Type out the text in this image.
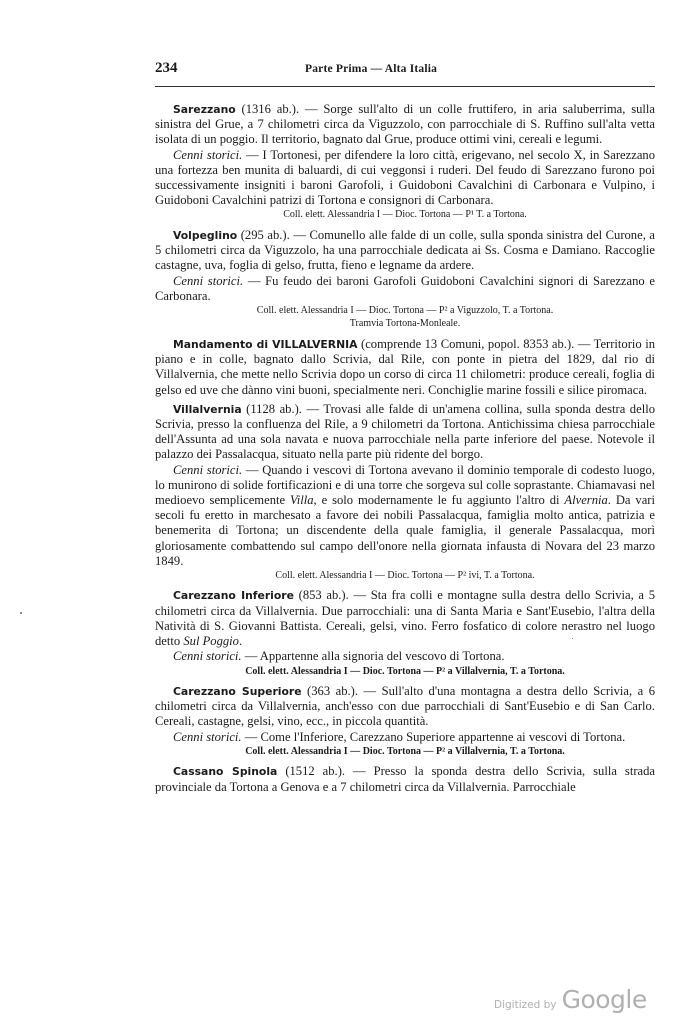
234	Parte Prima — Alta Italia

Sarezzano (1316 ab.). — Sorge sull'alto di un colle fruttifero, in aria saluberrima, sulla sinistra del Grue, a 7 chilometri circa da Viguzzolo, con parrocchiale di S. Ruffino sull'alta vetta isolata di un poggio. Il territorio, bagnato dal Grue, produce ottimi vini, cereali e legumi.

Cenni storici. — I Tortonesi, per difendere la loro città, erigevano, nel secolo X, in Sarezzano una fortezza ben munita di baluardi, di cui veggonsi i ruderi. Del feudo di Sarezzano furono poi successivamente insigniti i baroni Garofoli, i Guidoboni Cavalchini di Carbonara e Vulpino, i Guidoboni Cavalchini patrizi di Tortona e consignori di Carbonara.

Coll. elett. Alessandria I — Dioc. Tortona — P¹ T. a Tortona.

Volpeglino (295 ab.). — Comunello alle falde di un colle, sulla sponda sinistra del Curone, a 5 chilometri circa da Viguzzolo, ha una parrocchiale dedicata ai Ss. Cosma e Damiano. Raccoglie castagne, uva, foglia di gelso, frutta, fieno e legname da ardere.

Cenni storici. — Fu feudo dei baroni Garofoli Guidoboni Cavalchini signori di Sarezzano e Carbonara.

Coll. elett. Alessandria I — Dioc. Tortona — P² a Viguzzolo, T. a Tortona.
Tramvia Tortona-Monleale.

Mandamento di VILLALVERNIA (comprende 13 Comuni, popol. 8353 ab.). — Territorio in piano e in colle, bagnato dallo Scrivia, dal Rile, con ponte in pietra del 1829, dal rio di Villalvernia, che mette nello Scrivia dopo un corso di circa 11 chilometri: produce cereali, foglia di gelso ed uve che dànno vini buoni, specialmente neri. Conchiglie marine fossili e silice piromaca.

Villalvernia (1128 ab.). — Trovasi alle falde di un'amena collina, sulla sponda destra dello Scrivia, presso la confluenza del Rile, a 9 chilometri da Tortona. Antichissima chiesa parrocchiale dell'Assunta ad una sola navata e nuova parrocchiale nella parte inferiore del paese. Notevole il palazzo dei Passalacqua, situato nella parte più ridente del borgo.

Cenni storici. — Quando i vescovi di Tortona avevano il dominio temporale di codesto luogo, lo munirono di solide fortificazioni e di una torre che sorgeva sul colle soprastante. Chiamavasi nel medioevo semplicemente Villa, e solo modernamente le fu aggiunto l'altro di Alvernia. Da vari secoli fu eretto in marchesato a favore dei nobili Passalacqua, famiglia molto antica, patrizia e benemerita di Tortona; un discendente della quale famiglia, il generale Passalacqua, morì gloriosamente combattendo sul campo dell'onore nella giornata infausta di Novara del 23 marzo 1849.

Coll. elett. Alessandria I — Dioc. Tortona — P² ivi, T. a Tortona.

Carezzano Inferiore (853 ab.). — Sta fra colli e montagne sulla destra dello Scrivia, a 5 chilometri circa da Villalvernia. Due parrocchiali: una di Santa Maria e Sant'Eusebio, l'altra della Natività di S. Giovanni Battista. Cereali, gelsi, vino. Ferro fosfatico di colore nerastro nel luogo detto Sul Poggio.

Cenni storici. — Appartenne alla signoria del vescovo di Tortona.

Coll. elett. Alessandria I — Dioc. Tortona — P² a Villalvernia, T. a Tortona.

Carezzano Superiore (363 ab.). — Sull'alto d'una montagna a destra dello Scrivia, a 6 chilometri circa da Villalvernia, anch'esso con due parrocchiali di Sant'Eusebio e di San Carlo. Cereali, castagne, gelsi, vino, ecc., in piccola quantità.

Cenni storici. — Come l'Inferiore, Carezzano Superiore appartenne ai vescovi di Tortona.

Coll. elett. Alessandria I — Dioc. Tortona — P² a Villalvernia, T. a Tortona.

Cassano Spinola (1512 ab.). — Presso la sponda destra dello Scrivia, sulla strada provinciale da Tortona a Genova e a 7 chilometri circa da Villalvernia. Parrocchiale

Digitized by Google
